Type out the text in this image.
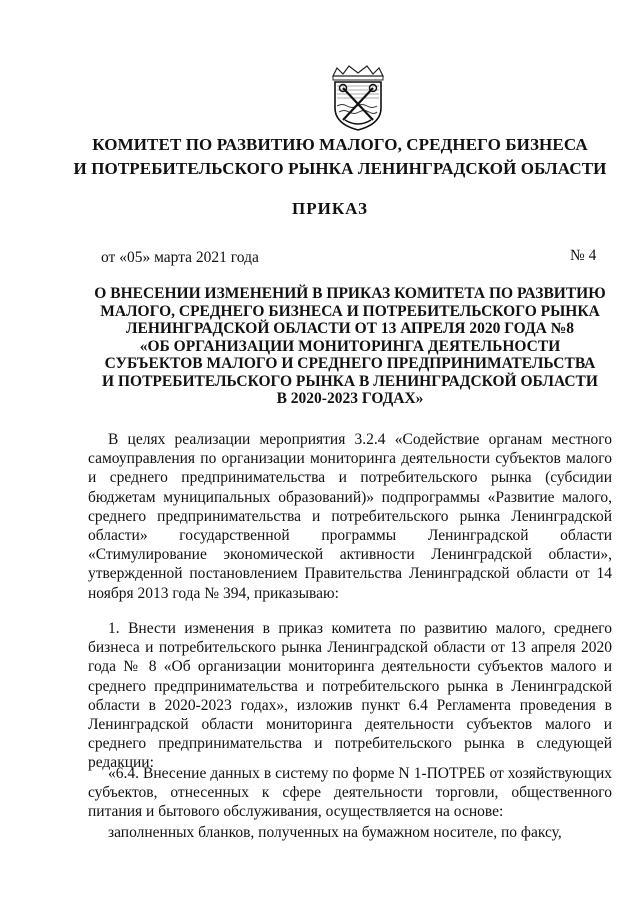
КОМИТЕТ ПО РАЗВИТИЮ МАЛОГО, СРЕДНЕГО БИЗНЕСА
И ПОТРЕБИТЕЛЬСКОГО РЫНКА ЛЕНИНГРАДСКОЙ ОБЛАСТИ
ПРИКАЗ
от «05» марта 2021 года	№ 4
О ВНЕСЕНИИ ИЗМЕНЕНИЙ В ПРИКАЗ КОМИТЕТА ПО РАЗВИТИЮ
МАЛОГО, СРЕДНЕГО БИЗНЕСА И ПОТРЕБИТЕЛЬСКОГО РЫНКА
ЛЕНИНГРАДСКОЙ ОБЛАСТИ ОТ 13 АПРЕЛЯ 2020 ГОДА №8
«ОБ ОРГАНИЗАЦИИ МОНИТОРИНГА ДЕЯТЕЛЬНОСТИ
СУБЪЕКТОВ МАЛОГО И СРЕДНЕГО ПРЕДПРИНИМАТЕЛЬСТВА
И ПОТРЕБИТЕЛЬСКОГО РЫНКА В ЛЕНИНГРАДСКОЙ ОБЛАСТИ
В 2020-2023 ГОДАХ»
В целях реализации мероприятия 3.2.4 «Содействие органам местного самоуправления по организации мониторинга деятельности субъектов малого и среднего предпринимательства и потребительского рынка (субсидии бюджетам муниципальных образований)» подпрограммы «Развитие малого, среднего предпринимательства и потребительского рынка Ленинградской области» государственной программы Ленинградской области «Стимулирование экономической активности Ленинградской области», утвержденной постановлением Правительства Ленинградской области от 14 ноября 2013 года № 394, приказываю:
1. Внести изменения в приказ комитета по развитию малого, среднего бизнеса и потребительского рынка Ленинградской области от 13 апреля 2020 года № 8 «Об организации мониторинга деятельности субъектов малого и среднего предпринимательства и потребительского рынка в Ленинградской области в 2020-2023 годах», изложив пункт 6.4 Регламента проведения в Ленинградской области мониторинга деятельности субъектов малого и среднего предпринимательства и потребительского рынка в следующей редакции:
«6.4. Внесение данных в систему по форме N 1-ПОТРЕБ от хозяйствующих субъектов, отнесенных к сфере деятельности торговли, общественного питания и бытового обслуживания, осуществляется на основе:
заполненных бланков, полученных на бумажном носителе, по факсу,
